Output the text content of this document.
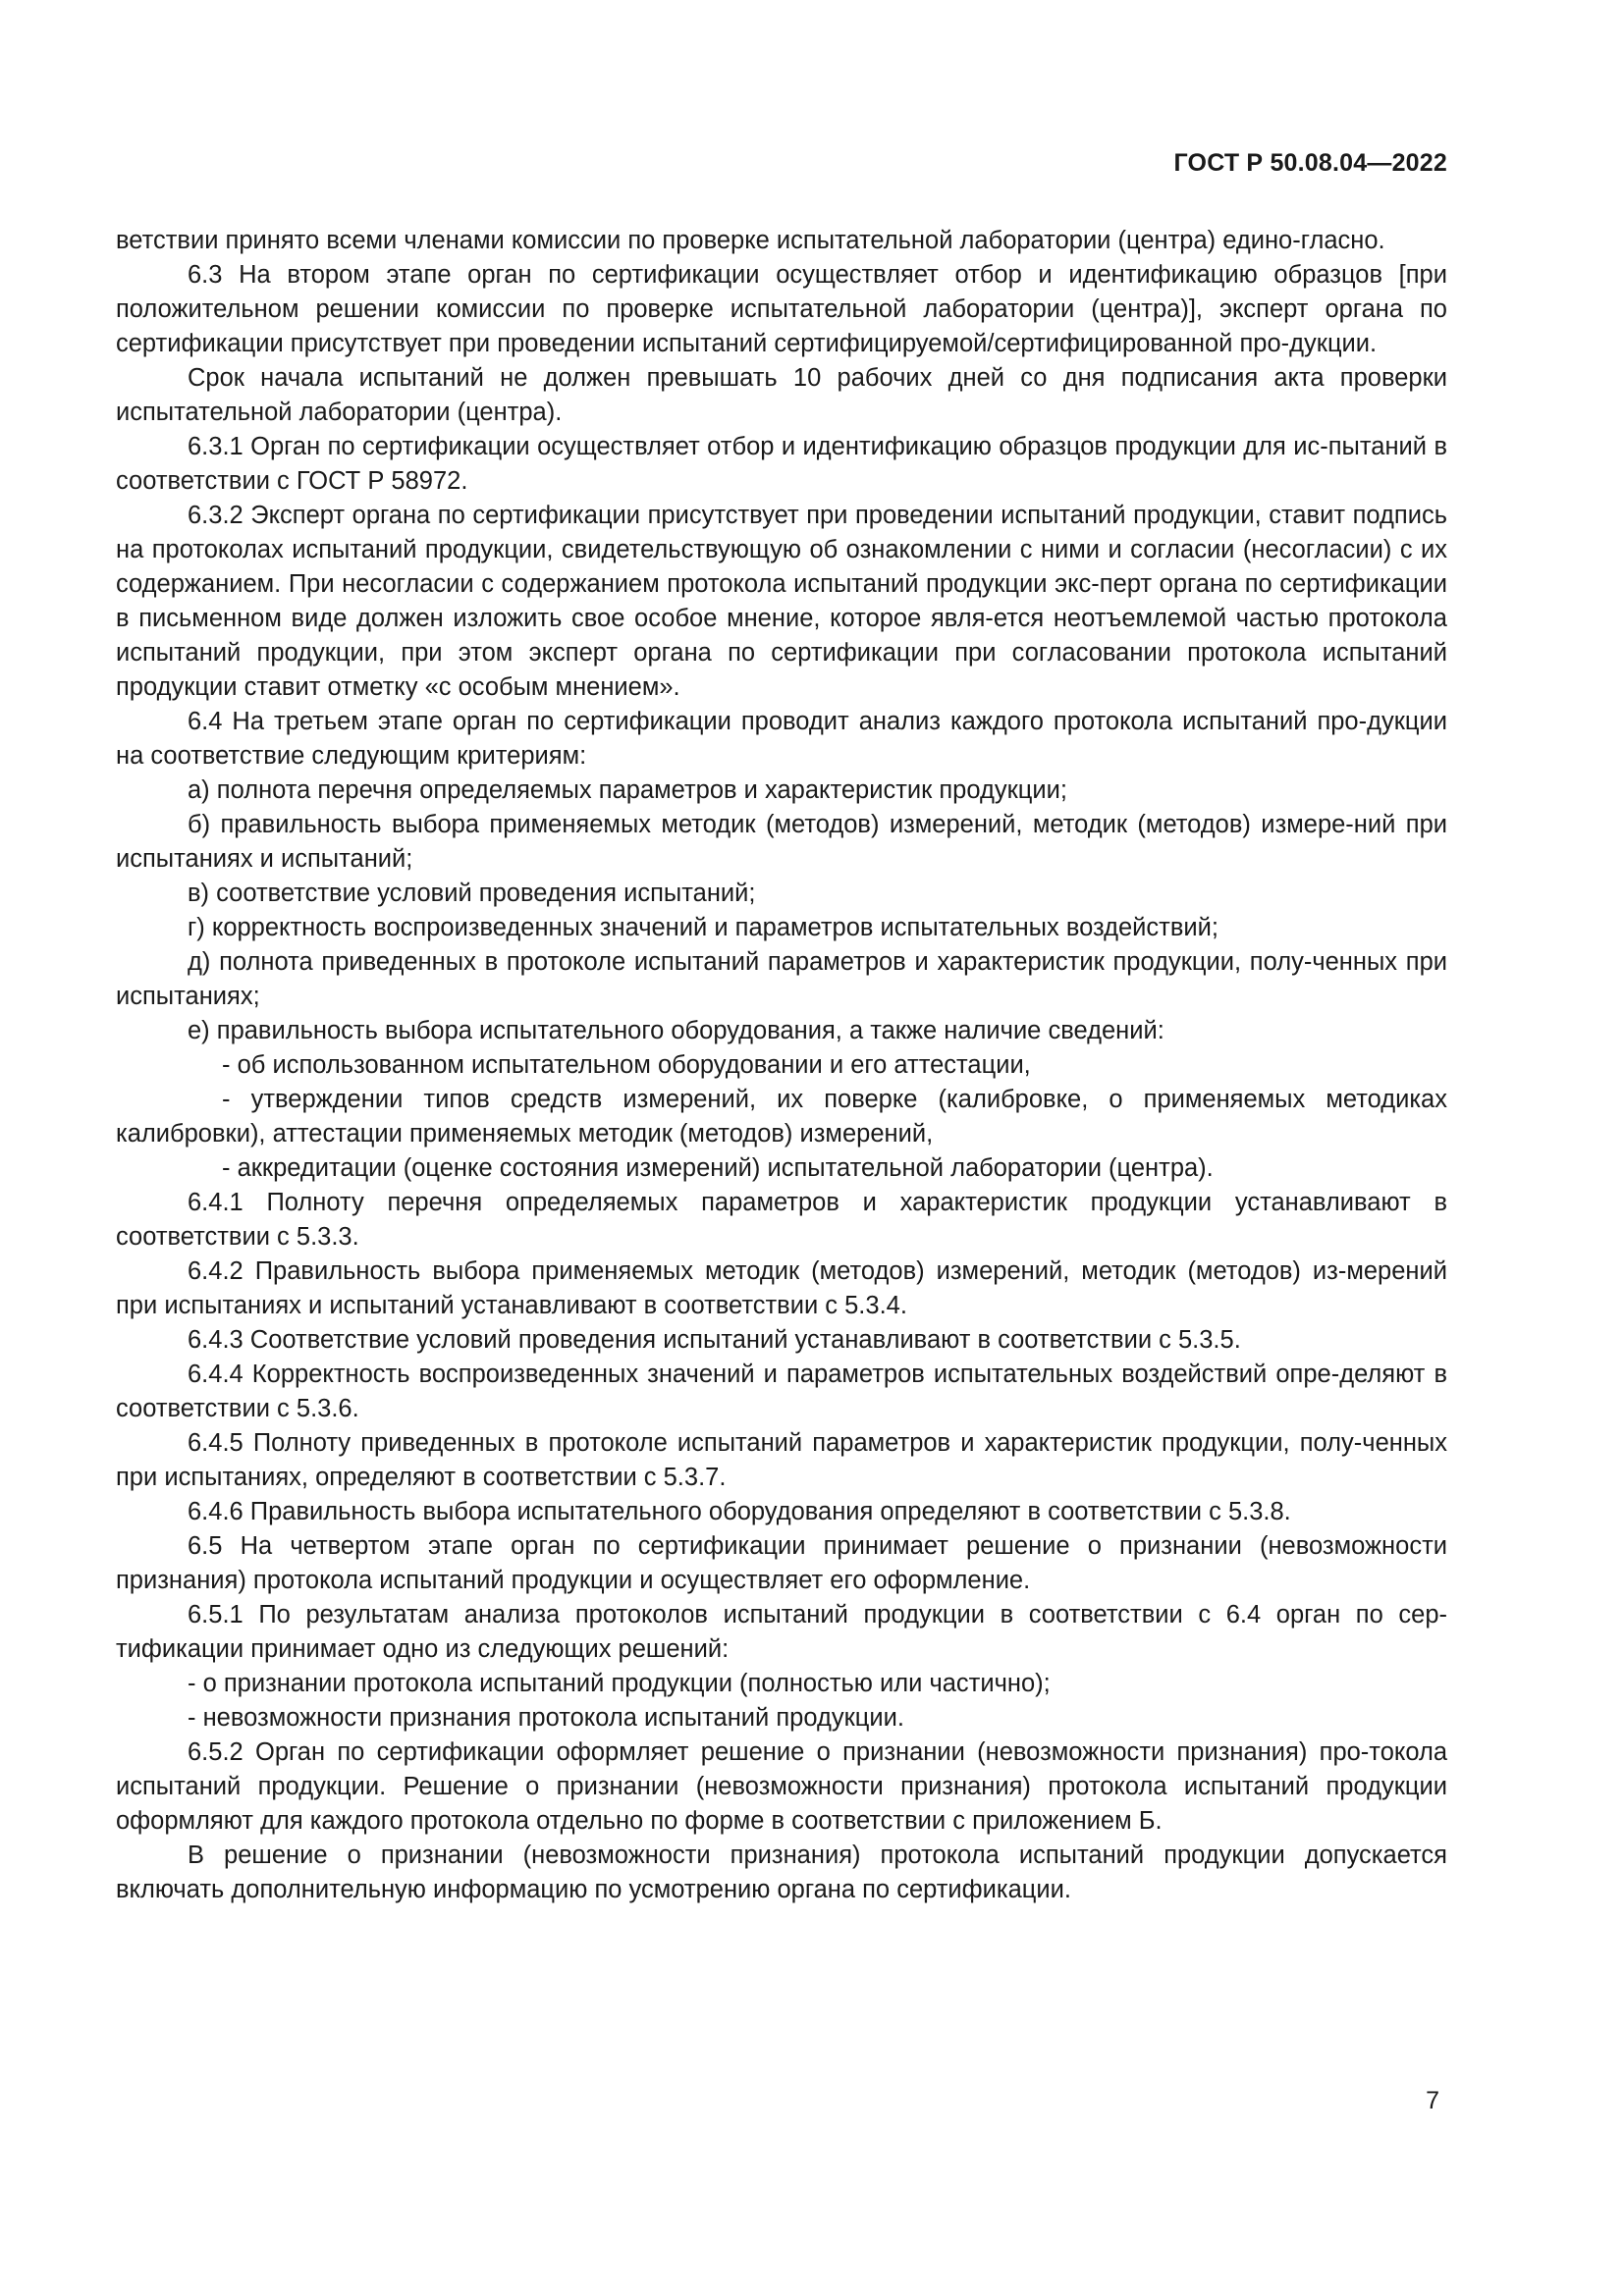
ГОСТ Р 50.08.04—2022

ветствии принято всеми членами комиссии по проверке испытательной лаборатории (центра) едино-гласно.

6.3 На втором этапе орган по сертификации осуществляет отбор и идентификацию образцов [при положительном решении комиссии по проверке испытательной лаборатории (центра)], эксперт органа по сертификации присутствует при проведении испытаний сертифицируемой/сертифицированной про-дукции.

Срок начала испытаний не должен превышать 10 рабочих дней со дня подписания акта проверки испытательной лаборатории (центра).

6.3.1 Орган по сертификации осуществляет отбор и идентификацию образцов продукции для ис-пытаний в соответствии с ГОСТ Р 58972.

6.3.2 Эксперт органа по сертификации присутствует при проведении испытаний продукции, ставит подпись на протоколах испытаний продукции, свидетельствующую об ознакомлении с ними и согласии (несогласии) с их содержанием. При несогласии с содержанием протокола испытаний продукции экс-перт органа по сертификации в письменном виде должен изложить свое особое мнение, которое явля-ется неотъемлемой частью протокола испытаний продукции, при этом эксперт органа по сертификации при согласовании протокола испытаний продукции ставит отметку «с особым мнением».

6.4 На третьем этапе орган по сертификации проводит анализ каждого протокола испытаний про-дукции на соответствие следующим критериям:

а) полнота перечня определяемых параметров и характеристик продукции;

б) правильность выбора применяемых методик (методов) измерений, методик (методов) измере-ний при испытаниях и испытаний;

в) соответствие условий проведения испытаний;

г) корректность воспроизведенных значений и параметров испытательных воздействий;

д) полнота приведенных в протоколе испытаний параметров и характеристик продукции, полу-ченных при испытаниях;

е) правильность выбора испытательного оборудования, а также наличие сведений:

- об использованном испытательном оборудовании и его аттестации,

- утверждении типов средств измерений, их поверке (калибровке, о применяемых методиках калибровки), аттестации применяемых методик (методов) измерений,

- аккредитации (оценке состояния измерений) испытательной лаборатории (центра).

6.4.1 Полноту перечня определяемых параметров и характеристик продукции устанавливают в соответствии с 5.3.3.

6.4.2 Правильность выбора применяемых методик (методов) измерений, методик (методов) из-мерений при испытаниях и испытаний устанавливают в соответствии с 5.3.4.

6.4.3 Соответствие условий проведения испытаний устанавливают в соответствии с 5.3.5.

6.4.4 Корректность воспроизведенных значений и параметров испытательных воздействий опре-деляют в соответствии с 5.3.6.

6.4.5 Полноту приведенных в протоколе испытаний параметров и характеристик продукции, полу-ченных при испытаниях, определяют в соответствии с 5.3.7.

6.4.6 Правильность выбора испытательного оборудования определяют в соответствии с 5.3.8.

6.5 На четвертом этапе орган по сертификации принимает решение о признании (невозможности признания) протокола испытаний продукции и осуществляет его оформление.

6.5.1 По результатам анализа протоколов испытаний продукции в соответствии с 6.4 орган по сер-тификации принимает одно из следующих решений:

- о признании протокола испытаний продукции (полностью или частично);

- невозможности признания протокола испытаний продукции.

6.5.2 Орган по сертификации оформляет решение о признании (невозможности признания) про-токола испытаний продукции. Решение о признании (невозможности признания) протокола испытаний продукции оформляют для каждого протокола отдельно по форме в соответствии с приложением Б.

В решение о признании (невозможности признания) протокола испытаний продукции допускается включать дополнительную информацию по усмотрению органа по сертификации.

7
